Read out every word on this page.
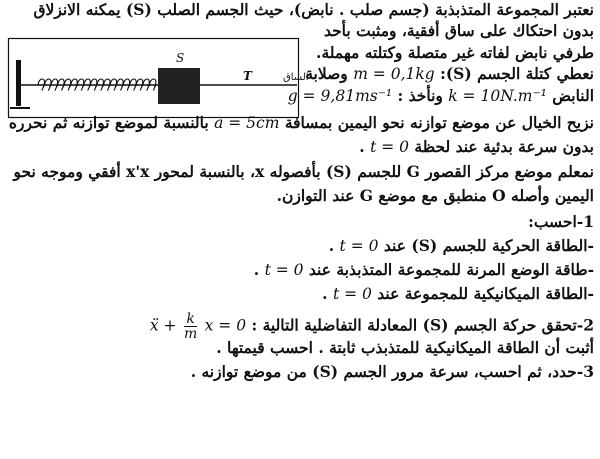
نعتبر المجموعة المتذبذبة (جسم صلب . نابض)، حيث الجسم الصلب (S) يمكنه الانزلاق
S
T	الساق
بدون احتكاك على ساق أفقية، ومثبت بأحد
طرفي نابض لفاته غير متصلة وكتلته مهملة.
نعطي كتلة الجسم (S): m = 0,1kg وصلابة
النابض k = 10N.m⁻¹ ونأخذ : g = 9,81ms⁻¹
نزيح الخيال عن موضع توازنه نحو اليمين بمسافة a = 5cm بالنسبة لموضع توازنه ثم نحرره
بدون سرعة بدئية عند لحظة t = 0 .
نمعلم موضع مركز القصور G للجسم (S) بأفصوله x، بالنسبة لمحور x'x أفقي وموجه نحو
اليمين وأصله O منطبق مع موضع G عند التوازن.
1-احسب:
-الطاقة الحركية للجسم (S) عند t = 0 .
-طاقة الوضع المرنة للمجموعة المتذبذبة عند t = 0 .
-الطاقة الميكانيكية للمجموعة عند t = 0 .
2-تحقق حركة الجسم (S) المعادلة التفاضلية التالية : ẍ + $\frac{k}{m}$ x = 0
أثبت أن الطاقة الميكانيكية للمتذبذب ثابتة . احسب قيمتها .
3-حدد، ثم احسب، سرعة مرور الجسم (S) من موضع توازنه .
